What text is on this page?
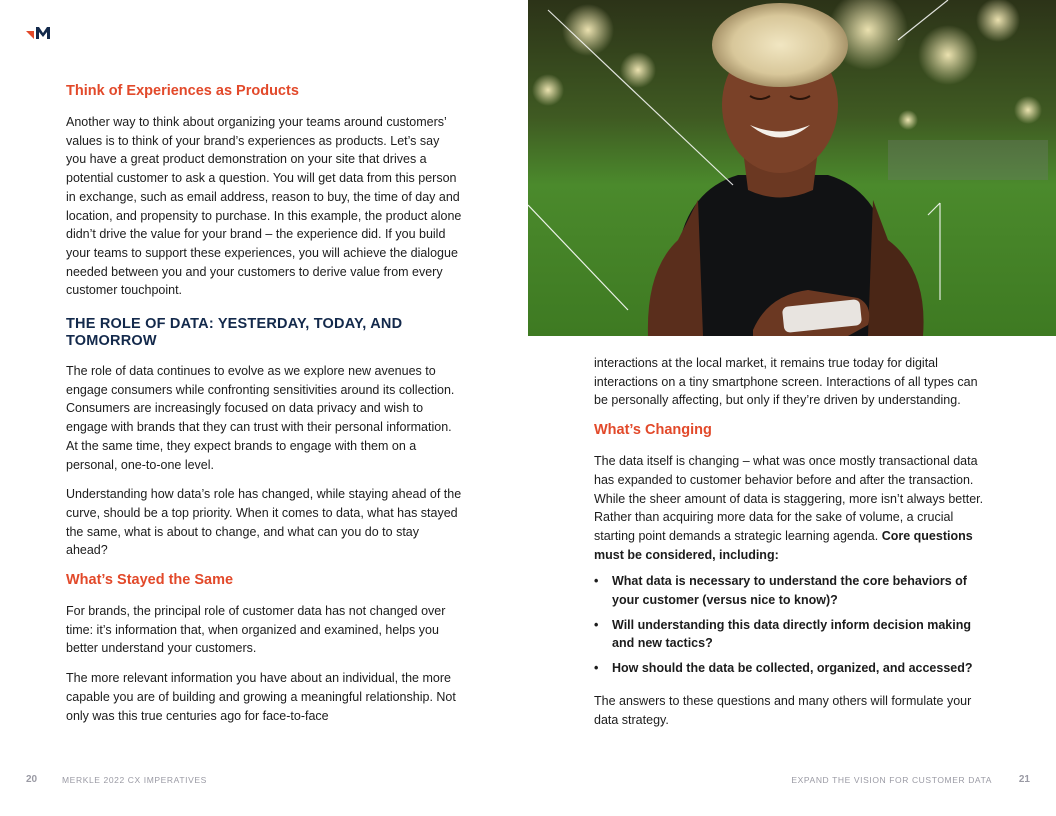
Think of Experiences as Products

Another way to think about organizing your teams around customers’ values is to think of your brand’s experiences as products. Let’s say you have a great product demonstration on your site that drives a potential customer to ask a question. You will get data from this person in exchange, such as email address, reason to buy, the time of day and location, and propensity to purchase. In this example, the product alone didn’t drive the value for your brand – the experience did. If you build your teams to support these experiences, you will achieve the dialogue needed between you and your customers to derive value from every customer touchpoint.

THE ROLE OF DATA: YESTERDAY, TODAY, AND TOMORROW

The role of data continues to evolve as we explore new avenues to engage consumers while confronting sensitivities around its collection. Consumers are increasingly focused on data privacy and wish to engage with brands that they can trust with their personal information. At the same time, they expect brands to engage with them on a personal, one-to-one level.

Understanding how data’s role has changed, while staying ahead of the curve, should be a top priority. When it comes to data, what has stayed the same, what is about to change, and what can you do to stay ahead?

What’s Stayed the Same

For brands, the principal role of customer data has not changed over time: it’s information that, when organized and examined, helps you better understand your customers.

The more relevant information you have about an individual, the more capable you are of building and growing a meaningful relationship. Not only was this true centuries ago for face-to-face

interactions at the local market, it remains true today for digital interactions on a tiny smartphone screen. Interactions of all types can be personally affecting, but only if they’re driven by understanding.

What’s Changing

The data itself is changing – what was once mostly transactional data has expanded to customer behavior before and after the transaction. While the sheer amount of data is staggering, more isn’t always better. Rather than acquiring more data for the sake of volume, a crucial starting point demands a strategic learning agenda. Core questions must be considered, including:

• What data is necessary to understand the core behaviors of your customer (versus nice to know)?
• Will understanding this data directly inform decision making and new tactics?
• How should the data be collected, organized, and accessed?

The answers to these questions and many others will formulate your data strategy.

20	MERKLE 2022 CX IMPERATIVES	EXPAND THE VISION FOR CUSTOMER DATA	21
